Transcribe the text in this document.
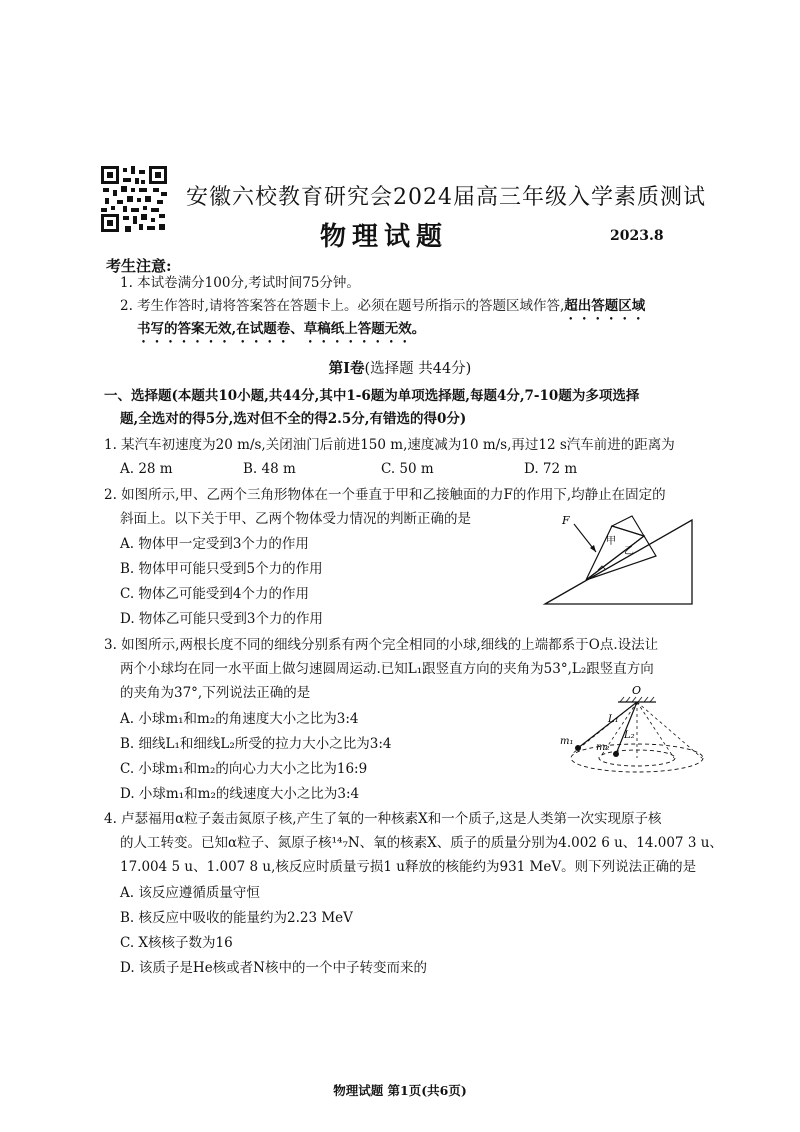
安徽六校教育研究会2024届高三年级入学素质测试
物理试题	2023.8
考生注意:
1. 本试卷满分100分,考试时间75分钟。
2. 考生作答时,请将答案答在答题卡上。必须在题号所指示的答题区域作答,超出答题区域
书写的答案无效,在试题卷、草稿纸上答题无效。
第Ⅰ卷(选择题 共44分)
一、选择题(本题共10小题,共44分,其中1-6题为单项选择题,每题4分,7-10题为多项选择
题,全选对的得5分,选对但不全的得2.5分,有错选的得0分)
1. 某汽车初速度为20 m/s,关闭油门后前进150 m,速度减为10 m/s,再过12 s汽车前进的距离为
A. 28 m	B. 48 m	C. 50 m	D. 72 m
2. 如图所示,甲、乙两个三角形物体在一个垂直于甲和乙接触面的力F的作用下,均静止在固定的
斜面上。以下关于甲、乙两个物体受力情况的判断正确的是
A. 物体甲一定受到3个力的作用
B. 物体甲可能只受到5个力的作用
C. 物体乙可能受到4个力的作用
D. 物体乙可能只受到3个力的作用
F
甲
乙
3. 如图所示,两根长度不同的细线分别系有两个完全相同的小球,细线的上端都系于O点.设法让
两个小球均在同一水平面上做匀速圆周运动.已知L₁跟竖直方向的夹角为53°,L₂跟竖直方向
的夹角为37°,下列说法正确的是
A. 小球m₁和m₂的角速度大小之比为3:4
B. 细线L₁和细线L₂所受的拉力大小之比为3:4
C. 小球m₁和m₂的向心力大小之比为16:9
D. 小球m₁和m₂的线速度大小之比为3:4
O
L₁
L₂
m₁
m₂
4. 卢瑟福用α粒子轰击氮原子核,产生了氧的一种核素X和一个质子,这是人类第一次实现原子核
的人工转变。已知α粒子、氮原子核¹⁴₇N、氧的核素X、质子的质量分别为4.002 6 u、14.007 3 u、
17.004 5 u、1.007 8 u,核反应时质量亏损1 u释放的核能约为931 MeV。则下列说法正确的是
A. 该反应遵循质量守恒
B. 核反应中吸收的能量约为2.23 MeV
C. X核核子数为16
D. 该质子是He核或者N核中的一个中子转变而来的
物理试题 第1页(共6页)
